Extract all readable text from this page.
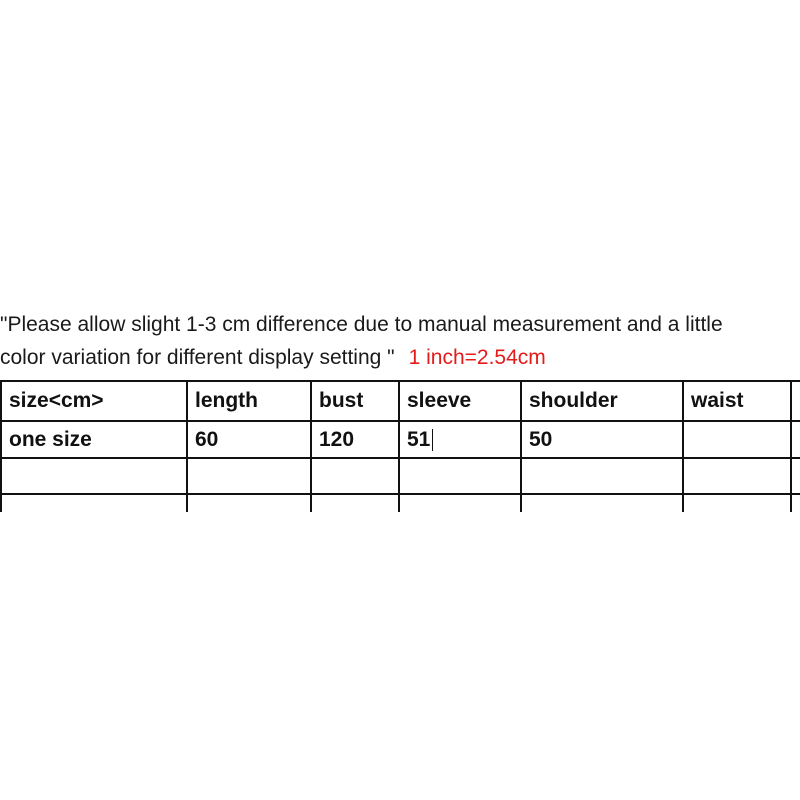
"Please allow slight 1-3 cm difference due to manual measurement and a little
color variation for different display setting " 1 inch=2.54cm
size<cm>	length	bust	sleeve	shoulder	waist
one size	60	120	51	50
